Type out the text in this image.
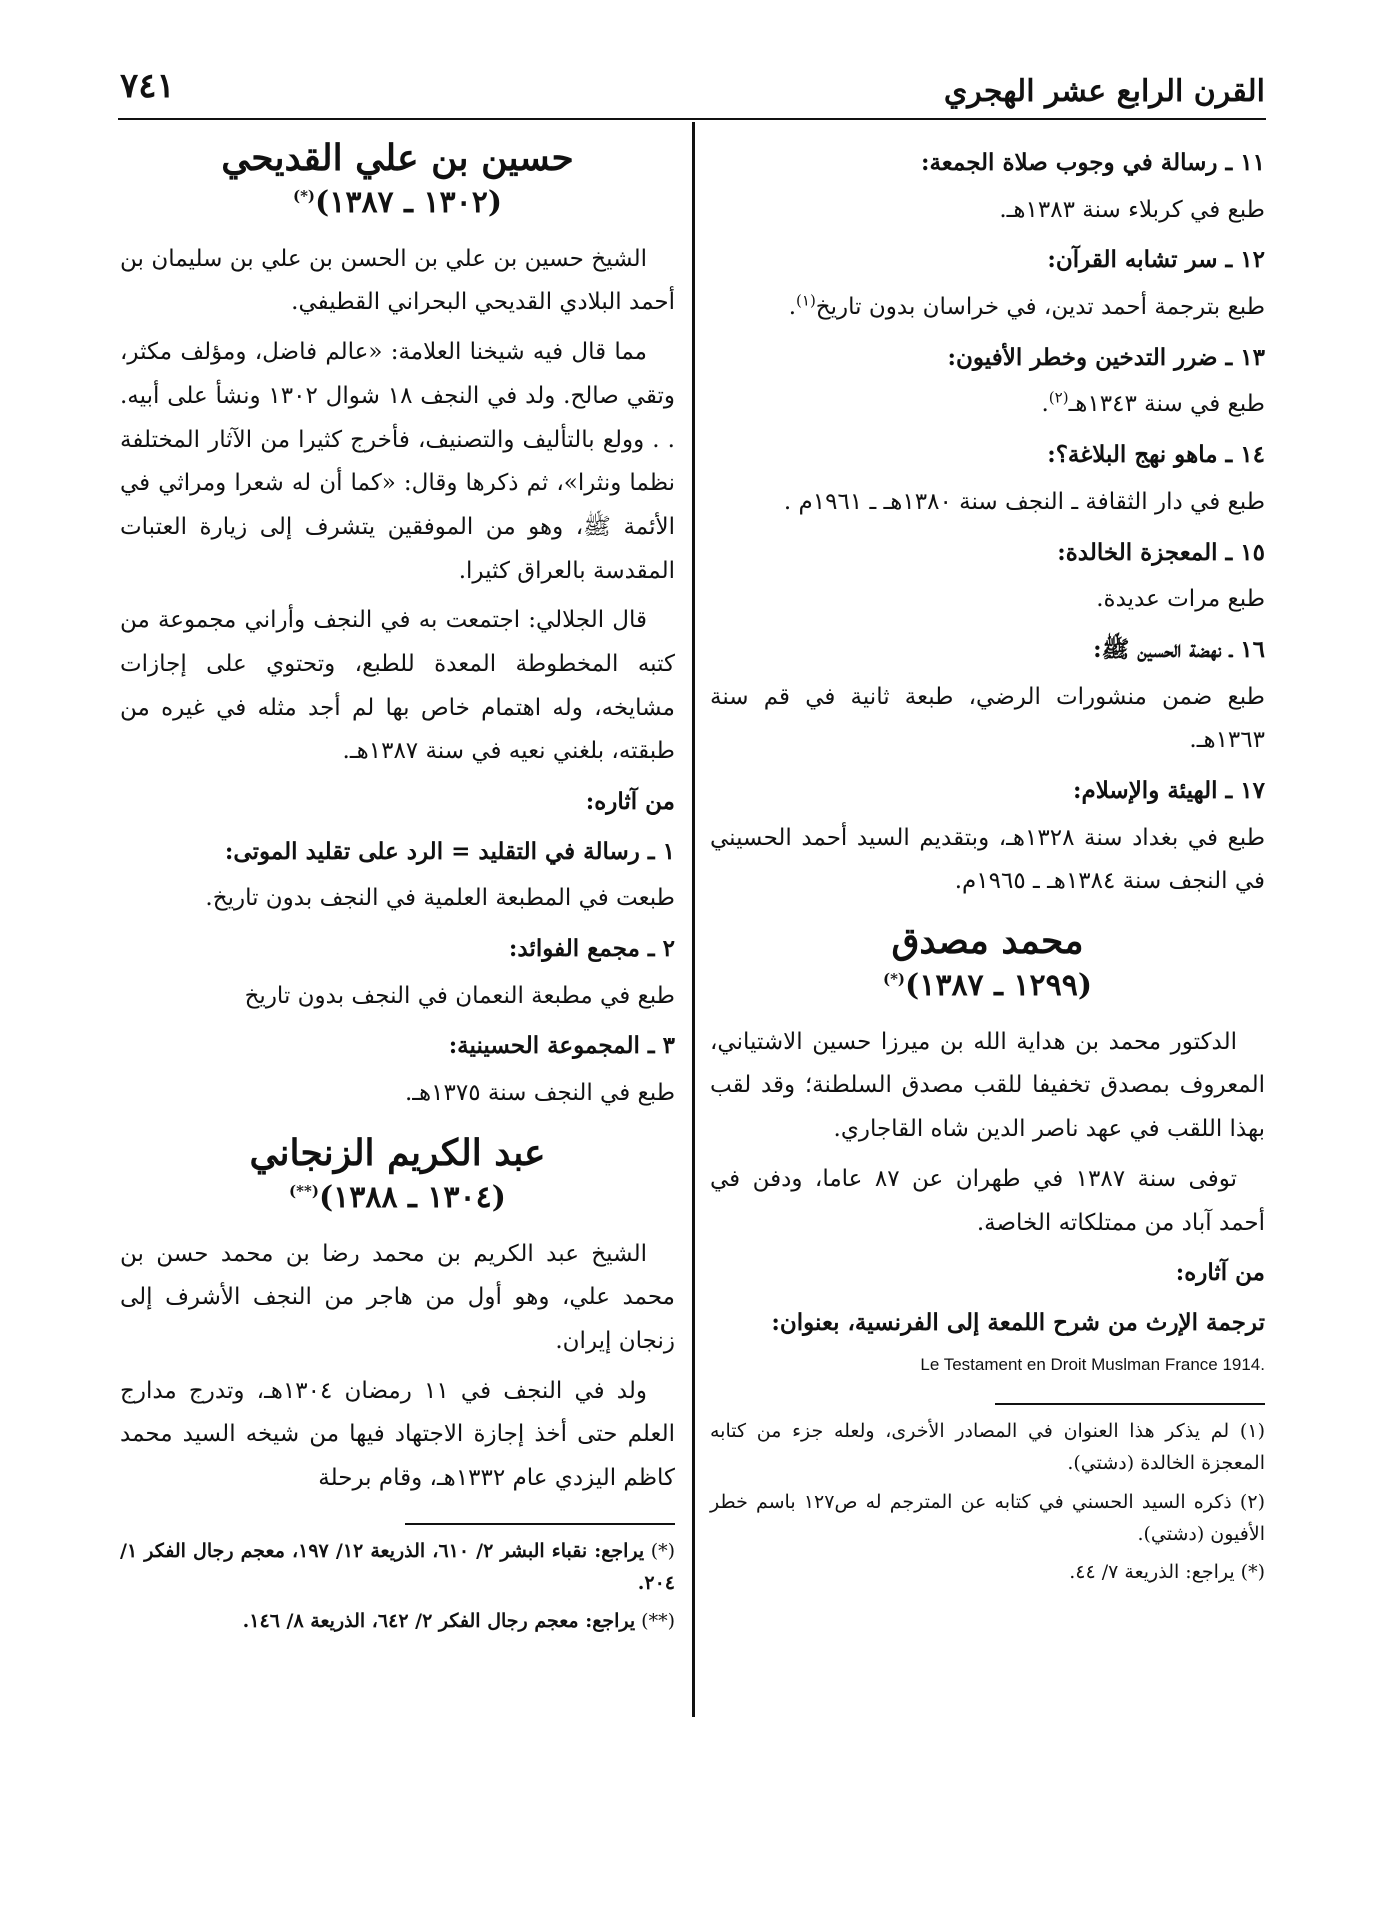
القرن الرابع عشر الهجري
٧٤١
١١ ـ رسالة في وجوب صلاة الجمعة:

طبع في كربلاء سنة ١٣٨٣هـ.

١٢ ـ سر تشابه القرآن:

طبع بترجمة أحمد تدين، في خراسان بدون تاريخ$^{(١)}$.

١٣ ـ ضرر التدخين وخطر الأفيون:

طبع في سنة ١٣٤٣هـ$^{(٢)}$.

١٤ ـ ماهو نهج البلاغة؟:

طبع في دار الثقافة ـ النجف سنة ١٣٨٠هـ ـ ١٩٦١م .

١٥ ـ المعجزة الخالدة:

طبع مرات عديدة.

١٦ ـ نهضة الحسين ﷺ:

طبع ضمن منشورات الرضي، طبعة ثانية في قم سنة ١٣٦٣هـ.

١٧ ـ الهيئة والإسلام:

طبع في بغداد سنة ١٣٢٨هـ، وبتقديم السيد أحمد الحسيني في النجف سنة ١٣٨٤هـ ـ ١٩٦٥م.

محمد مصدق
(١٢٩٩ ـ ١٣٨٧)(*)

الدكتور محمد بن هداية الله بن ميرزا حسين الاشتياني، المعروف بمصدق تخفيفا للقب مصدق السلطنة؛ وقد لقب بهذا اللقب في عهد ناصر الدين شاه القاجاري.

توفى سنة ١٣٨٧ في طهران عن ٨٧ عاما، ودفن في أحمد آباد من ممتلكاته الخاصة.

من آثاره:
ترجمة الإرث من شرح اللمعة إلى الفرنسية، بعنوان:
Le Testament en Droit Muslman France 1914.

(١) لم يذكر هذا العنوان في المصادر الأخرى، ولعله جزء من كتابه المعجزة الخالدة (دشتي).

(٢) ذكره السيد الحسني في كتابه عن المترجم له ص١٢٧ باسم خطر الأفيون (دشتي).

(*) يراجع: الذريعة ٧/ ٤٤.

حسين بن علي القديحي
(١٣٠٢ ـ ١٣٨٧)(*)

الشيخ حسين بن علي بن الحسن بن علي بن سليمان بن أحمد البلادي القديحي البحراني القطيفي.

مما قال فيه شيخنا العلامة: «عالم فاضل، ومؤلف مكثر، وتقي صالح. ولد في النجف ١٨ شوال ١٣٠٢ ونشأ على أبيه. . . وولع بالتأليف والتصنيف، فأخرج كثيرا من الآثار المختلفة نظما ونثرا»، ثم ذكرها وقال: «كما أن له شعرا ومراثي في الأئمة ﷺ، وهو من الموفقين يتشرف إلى زيارة العتبات المقدسة بالعراق كثيرا.

قال الجلالي: اجتمعت به في النجف وأراني مجموعة من كتبه المخطوطة المعدة للطبع، وتحتوي على إجازات مشايخه، وله اهتمام خاص بها لم أجد مثله في غيره من طبقته، بلغني نعيه في سنة ١٣٨٧هـ.

من آثاره:
١ ـ رسالة في التقليد = الرد على تقليد الموتى:

طبعت في المطبعة العلمية في النجف بدون تاريخ.

٢ ـ مجمع الفوائد:

طبع في مطبعة النعمان في النجف بدون تاريخ

٣ ـ المجموعة الحسينية:

طبع في النجف سنة ١٣٧٥هـ.

عبد الكريم الزنجاني
(١٣٠٤ ـ ١٣٨٨)(**)

الشيخ عبد الكريم بن محمد رضا بن محمد حسن بن محمد علي، وهو أول من هاجر من النجف الأشرف إلى زنجان إيران.

ولد في النجف في ١١ رمضان ١٣٠٤هـ، وتدرج مدارج العلم حتى أخذ إجازة الاجتهاد فيها من شيخه السيد محمد كاظم اليزدي عام ١٣٣٢هـ، وقام برحلة

(*) يراجع: نقباء البشر ٢/ ٦١٠، الذريعة ١٢/ ١٩٧، معجم رجال الفكر ١/ ٢٠٤.

(**) يراجع: معجم رجال الفكر ٢/ ٦٤٢، الذريعة ٨/ ١٤٦.
